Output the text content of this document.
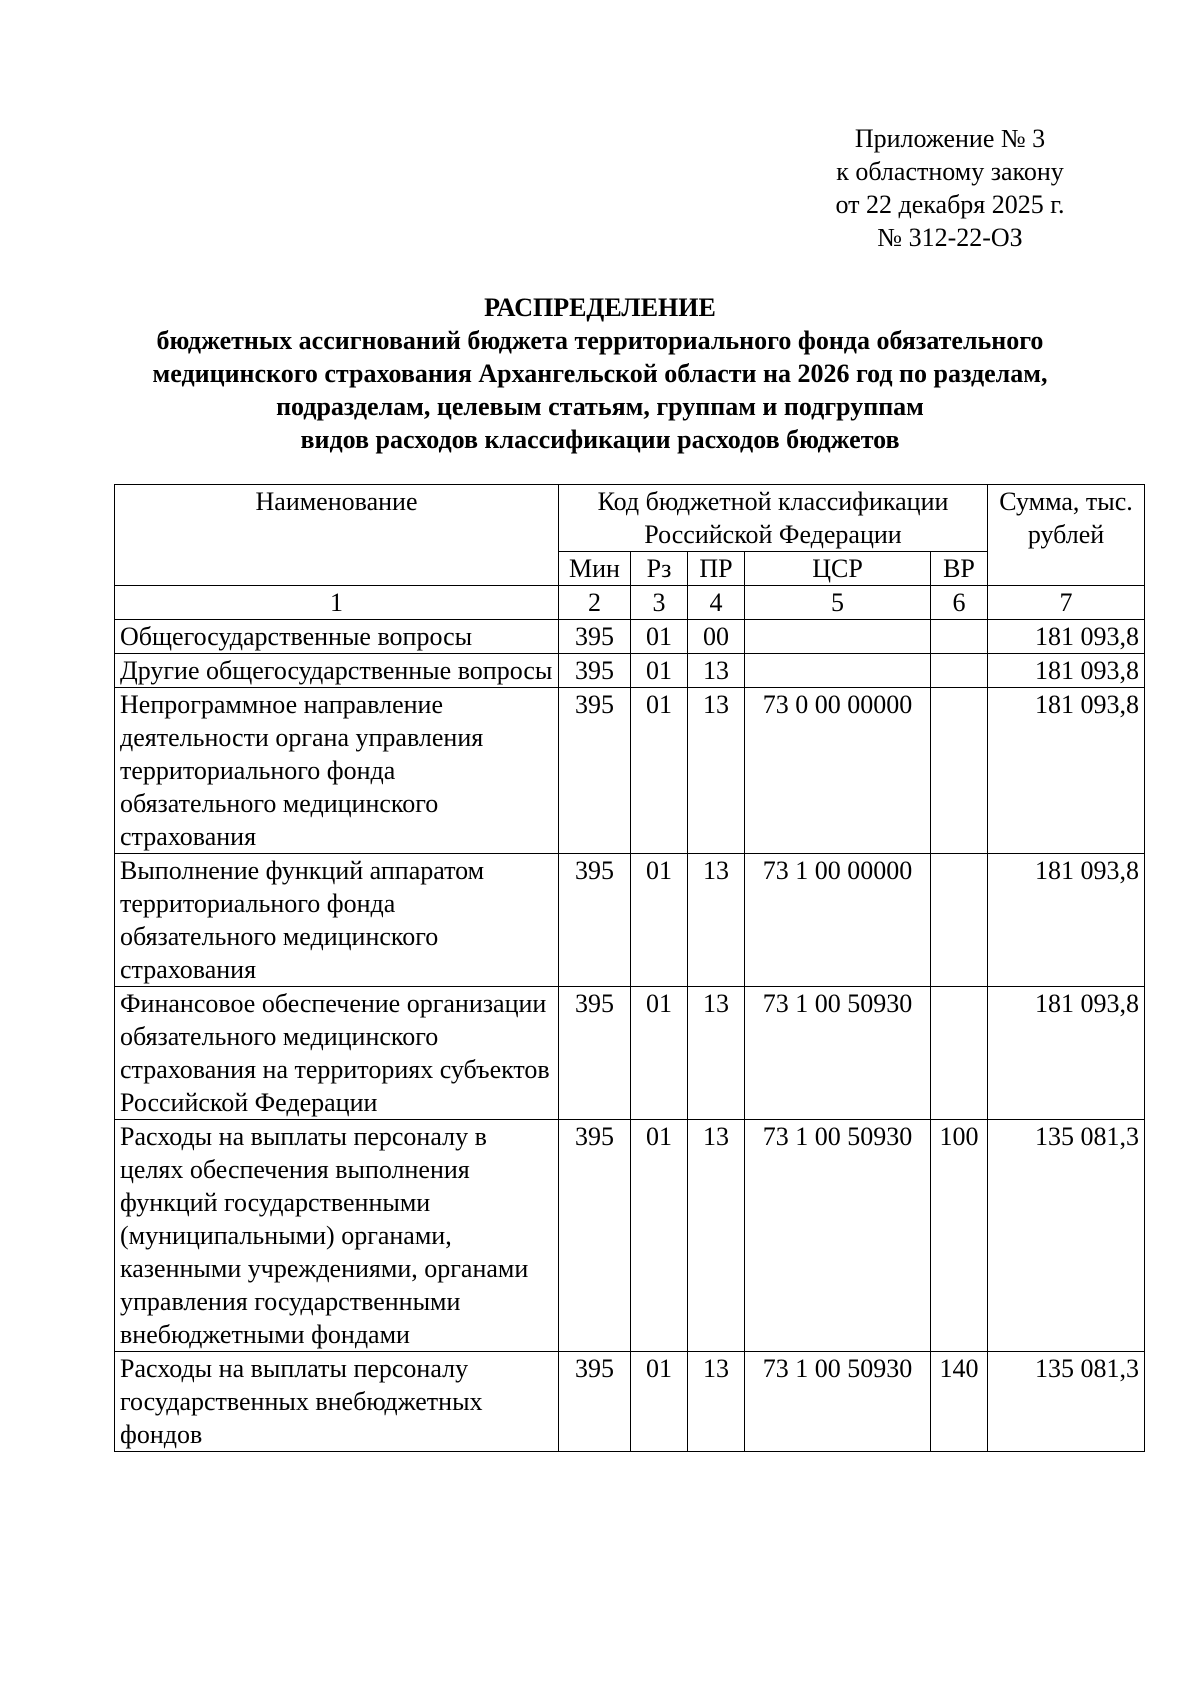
Приложение № 3
к областному закону
от 22 декабря 2025 г.
№ 312-22-ОЗ
РАСПРЕДЕЛЕНИЕ
бюджетных ассигнований бюджета территориального фонда обязательного
медицинского страхования Архангельской области на 2026 год по разделам,
подразделам, целевым статьям, группам и подгруппам
видов расходов классификации расходов бюджетов
Наименование	Код бюджетной классификации Российской Федерации					Сумма, тыс. рублей
	Мин	Рз	ПР	ЦСР	ВР	
1	2	3	4	5	6	7
Общегосударственные вопросы	395	01	00			181 093,8
Другие общегосударственные вопросы	395	01	13			181 093,8
Непрограммное направление деятельности органа управления территориального фонда обязательного медицинского страхования	395	01	13	73 0 00 00000		181 093,8
Выполнение функций аппаратом территориального фонда обязательного медицинского страхования	395	01	13	73 1 00 00000		181 093,8
Финансовое обеспечение организации обязательного медицинского страхования на территориях субъектов Российской Федерации	395	01	13	73 1 00 50930		181 093,8
Расходы на выплаты персоналу в целях обеспечения выполнения функций государственными (муниципальными) органами, казенными учреждениями, органами управления государственными внебюджетными фондами	395	01	13	73 1 00 50930	100	135 081,3
Расходы на выплаты персоналу государственных внебюджетных фондов	395	01	13	73 1 00 50930	140	135 081,3
